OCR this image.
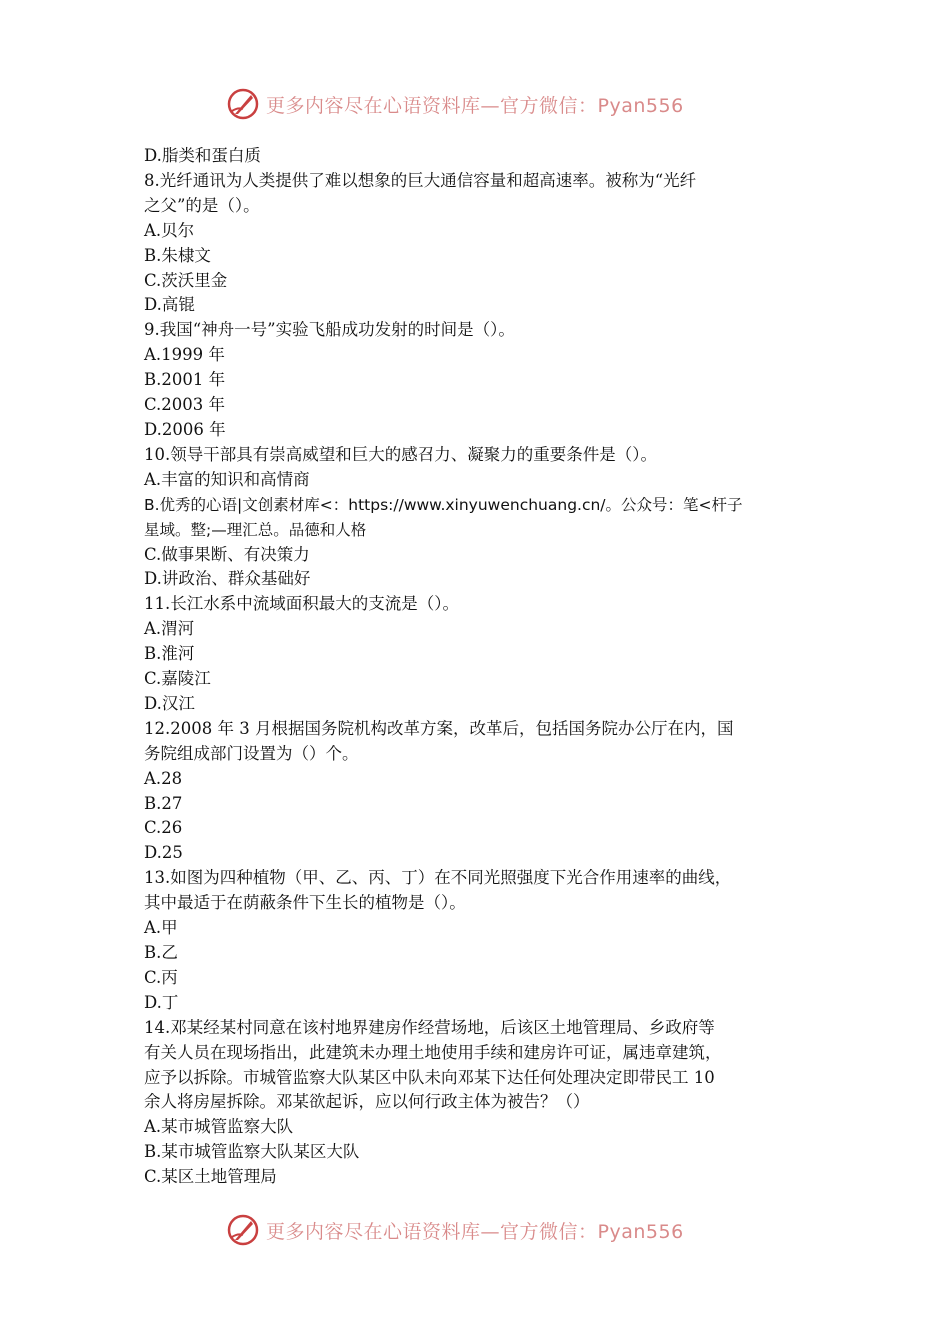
更多内容尽在心语资料库—官方微信：Pyan556
D.脂类和蛋白质
8.光纤通讯为人类提供了难以想象的巨大通信容量和超高速率。被称为“光纤
之父”的是（）。
A.贝尔
B.朱棣文
C.茨沃里金
D.高锟
9.我国“神舟一号”实验飞船成功发射的时间是（）。
A.1999 年
B.2001 年
C.2003 年
D.2006 年
10.领导干部具有崇高威望和巨大的感召力、凝聚力的重要条件是（）。
A.丰富的知识和高情商
B.优秀的心语|文创素材库<：https://www.xinyuwenchuang.cn/。公众号：笔<杆子
星域。整;—理汇总。品德和人格
C.做事果断、有决策力
D.讲政治、群众基础好
11.长江水系中流域面积最大的支流是（）。
A.渭河
B.淮河
C.嘉陵江
D.汉江
12.2008 年 3 月根据国务院机构改革方案，改革后，包括国务院办公厅在内，国
务院组成部门设置为（）个。
A.28
B.27
C.26
D.25
13.如图为四种植物（甲、乙、丙、丁）在不同光照强度下光合作用速率的曲线，
其中最适于在荫蔽条件下生长的植物是（）。
A.甲
B.乙
C.丙
D.丁
14.邓某经某村同意在该村地界建房作经营场地，后该区土地管理局、乡政府等
有关人员在现场指出，此建筑未办理土地使用手续和建房许可证，属违章建筑，
应予以拆除。市城管监察大队某区中队未向邓某下达任何处理决定即带民工 10
余人将房屋拆除。邓某欲起诉，应以何行政主体为被告？（）
A.某市城管监察大队
B.某市城管监察大队某区大队
C.某区土地管理局
更多内容尽在心语资料库—官方微信：Pyan556
